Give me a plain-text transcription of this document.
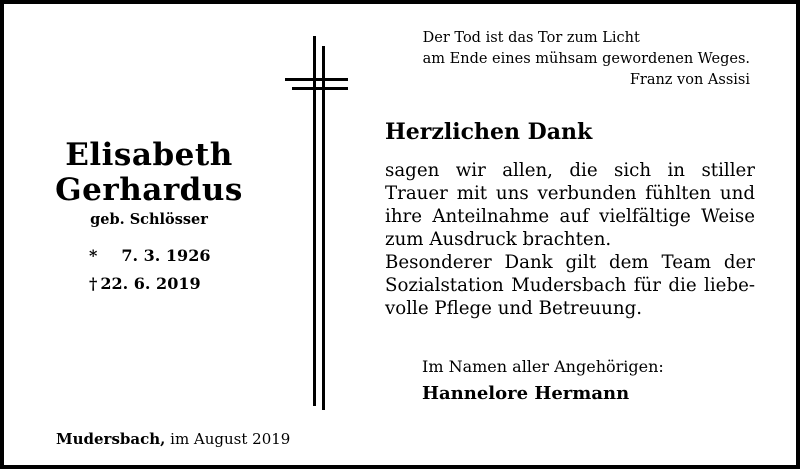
Elisabeth
Gerhardus
geb. Schlösser
* 7. 3. 1926
† 22. 6. 2019
Der Tod ist das Tor zum Licht
am Ende eines mühsam gewordenen Weges.
Franz von Assisi
Herzlichen Dank
sagen wir allen, die sich in stiller
Trauer mit uns verbunden fühlten und
ihre Anteilnahme auf vielfältige Weise
zum Ausdruck brachten.
Besonderer Dank gilt dem Team der
Sozialstation Mudersbach für die liebe-
volle Pflege und Betreuung.
Im Namen aller Angehörigen:
Hannelore Hermann
Mudersbach, im August 2019
